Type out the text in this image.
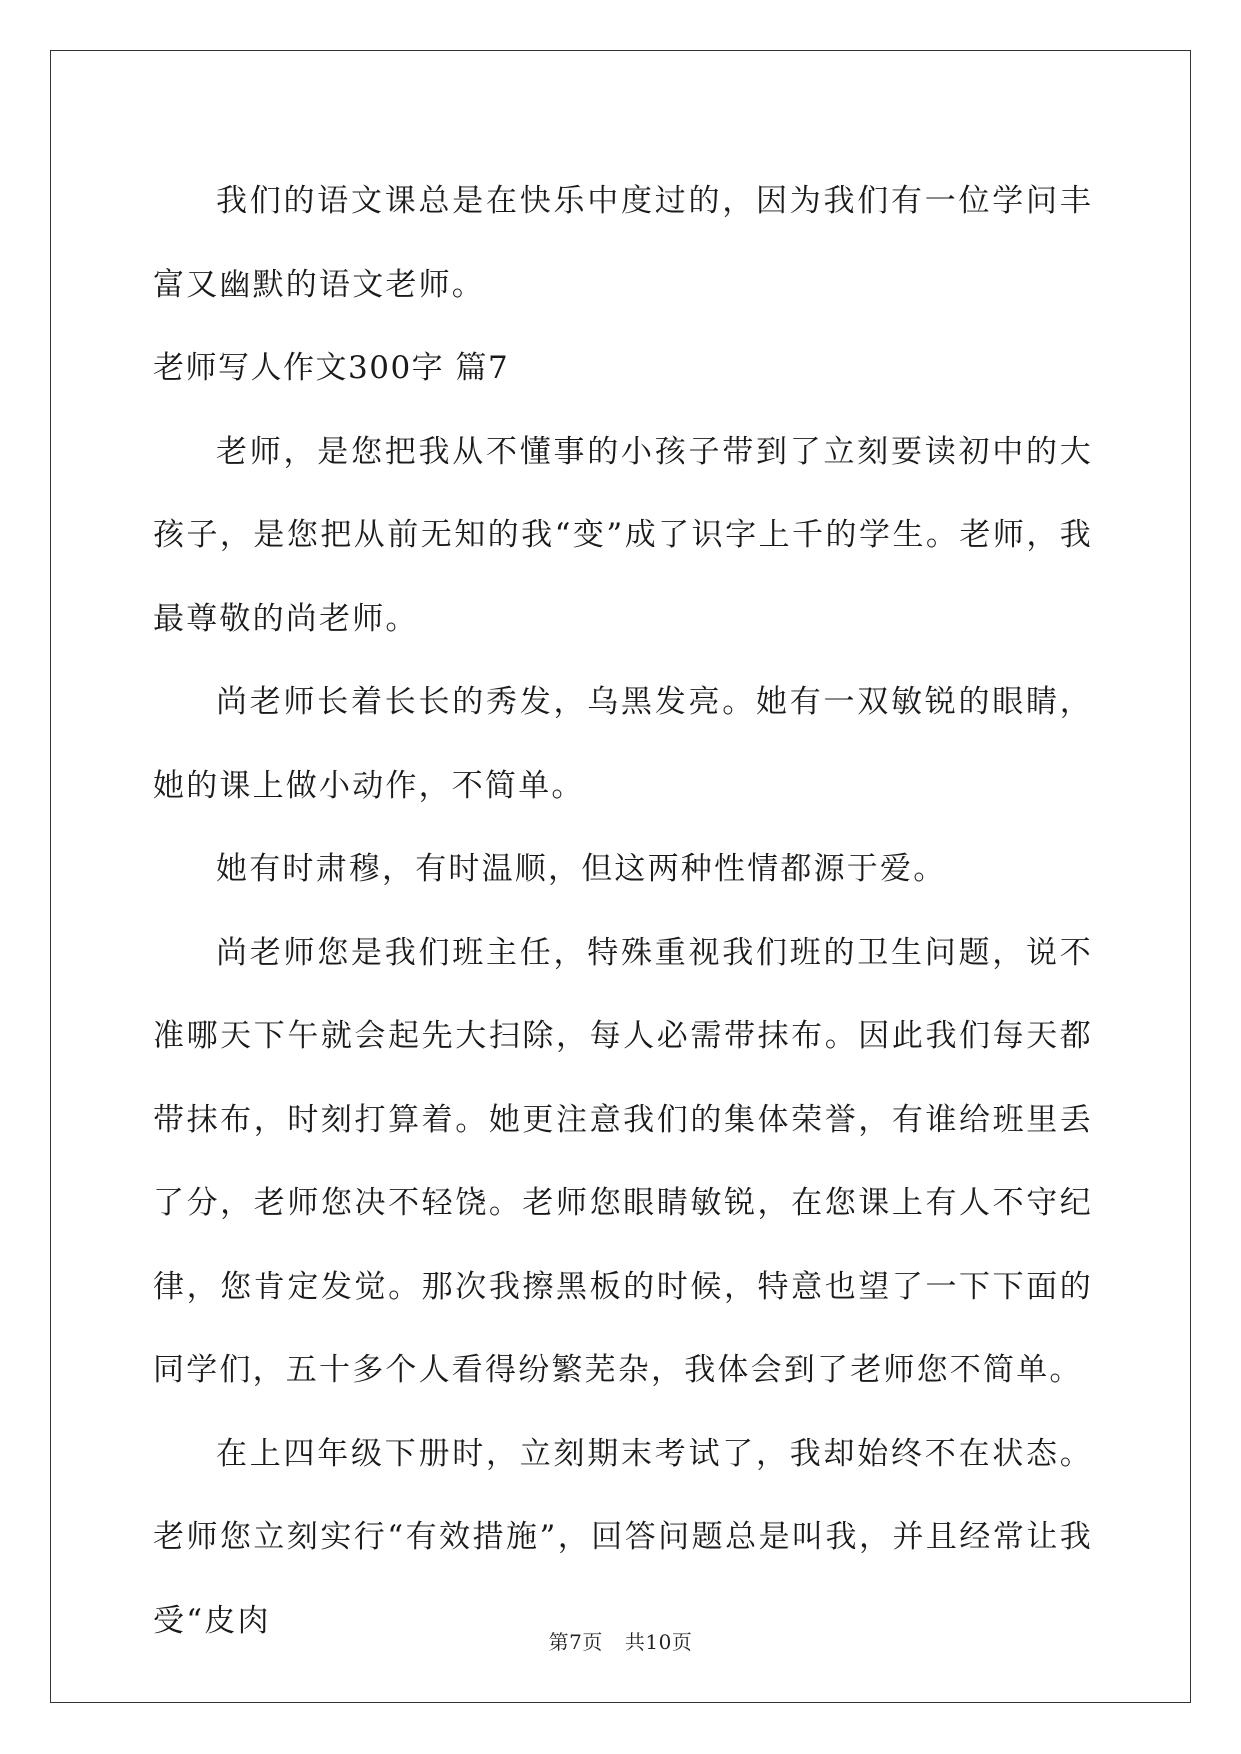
我们的语文课总是在快乐中度过的，因为我们有一位学问丰富又幽默的语文老师。

老师写人作文300字 篇7

老师，是您把我从不懂事的小孩子带到了立刻要读初中的大孩子，是您把从前无知的我“变”成了识字上千的学生。老师，我最尊敬的尚老师。

尚老师长着长长的秀发，乌黑发亮。她有一双敏锐的眼睛，她的课上做小动作，不简单。

她有时肃穆，有时温顺，但这两种性情都源于爱。

尚老师您是我们班主任，特殊重视我们班的卫生问题，说不准哪天下午就会起先大扫除，每人必需带抹布。因此我们每天都带抹布，时刻打算着。她更注意我们的集体荣誉，有谁给班里丢了分，老师您决不轻饶。老师您眼睛敏锐，在您课上有人不守纪律，您肯定发觉。那次我擦黑板的时候，特意也望了一下下面的同学们，五十多个人看得纷繁芜杂，我体会到了老师您不简单。

在上四年级下册时，立刻期末考试了，我却始终不在状态。老师您立刻实行“有效措施”，回答问题总是叫我，并且经常让我受“皮肉

第7页 共10页
